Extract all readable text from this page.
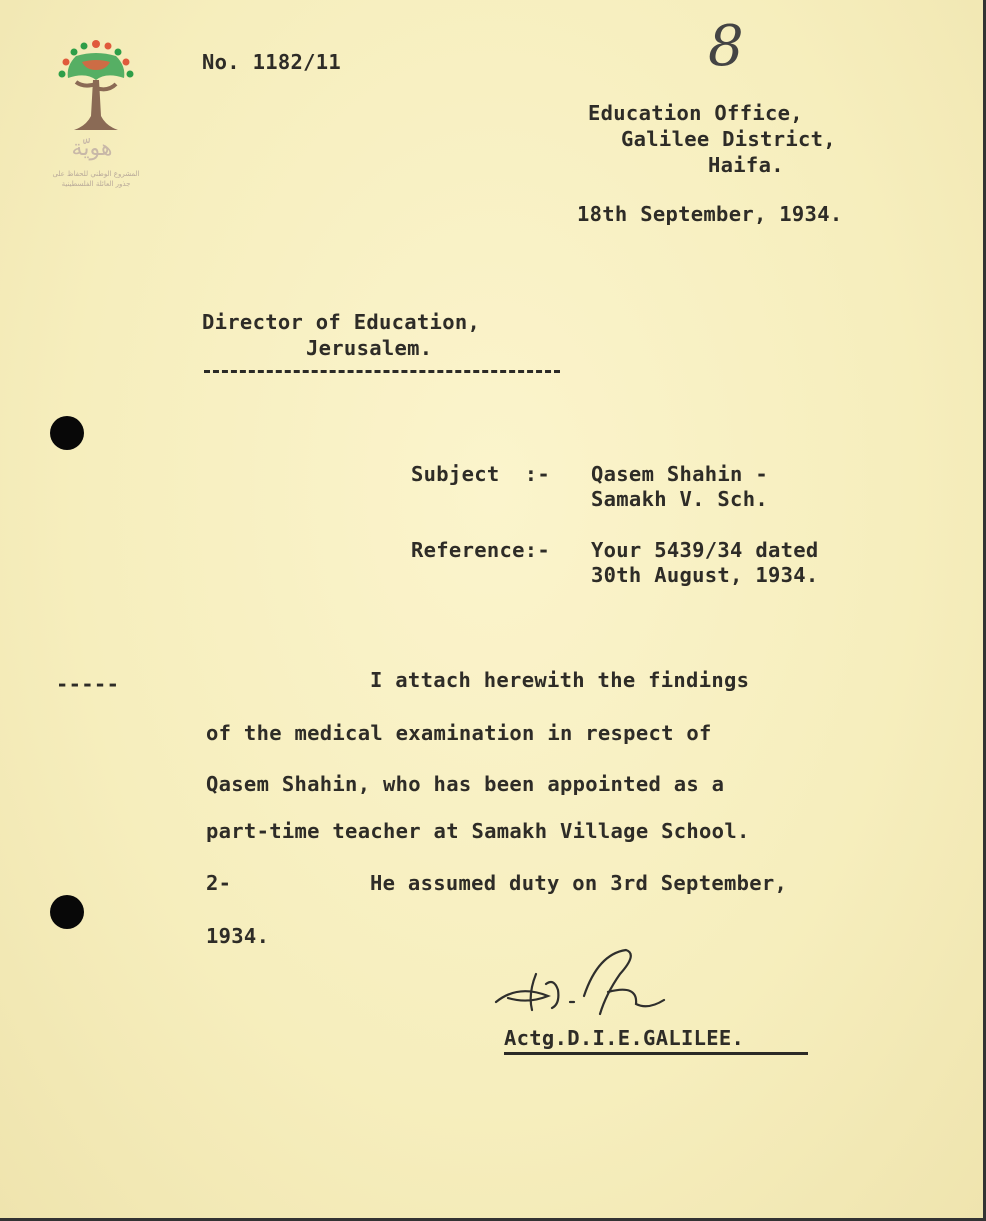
هويّة
المشروع الوطني للحفاظ على
جذور العائلة الفلسطينية
No. 1182/11	8
Education Office,
Galilee District,
Haifa.
18th September, 1934.
Director of Education,
Jerusalem.
Subject  :- Qasem Shahin -
Samakh V. Sch.
Reference:- Your 5439/34 dated
30th August, 1934.
-----	I attach herewith the findings
of the medical examination in respect of
Qasem Shahin, who has been appointed as a
part-time teacher at Samakh Village School.
2-	He assumed duty on 3rd September,
1934.
Actg.D.I.E.GALILEE.
